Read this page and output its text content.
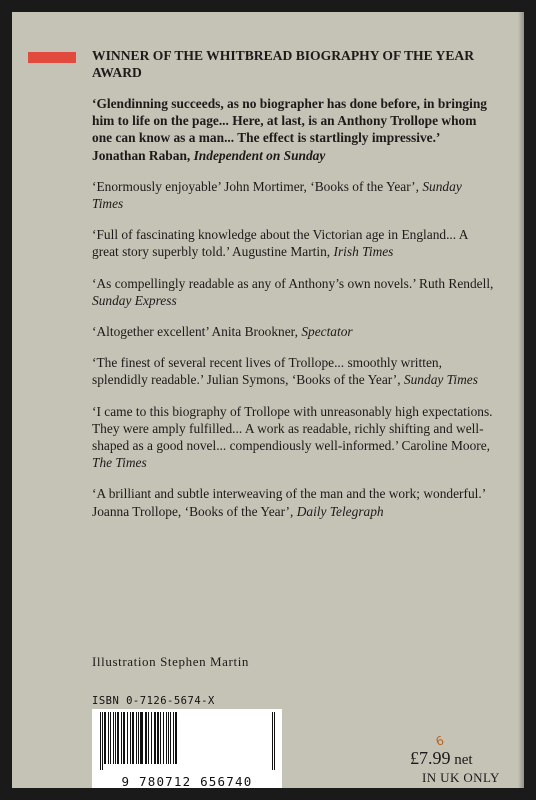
WINNER OF THE WHITBREAD BIOGRAPHY OF THE YEAR AWARD
‘Glendinning succeeds, as no biographer has done before, in bringing him to life on the page... Here, at last, is an Anthony Trollope whom one can know as a man... The effect is startlingly impressive.’
Jonathan Raban, Independent on Sunday
‘Enormously enjoyable’ John Mortimer, ‘Books of the Year’, Sunday Times
‘Full of fascinating knowledge about the Victorian age in England... A great story superbly told.’ Augustine Martin, Irish Times
‘As compellingly readable as any of Anthony’s own novels.’ Ruth Rendell, Sunday Express
‘Altogether excellent’ Anita Brookner, Spectator
‘The finest of several recent lives of Trollope... smoothly written, splendidly readable.’ Julian Symons, ‘Books of the Year’, Sunday Times
‘I came to this biography of Trollope with unreasonably high expectations. They were amply fulfilled... A work as readable, richly shifting and well-shaped as a good novel... compendiously well-informed.’ Caroline Moore, The Times
‘A brilliant and subtle interweaving of the man and the work; wonderful.’ Joanna Trollope, ‘Books of the Year’, Daily Telegraph
Illustration Stephen Martin
ISBN 0-7126-5674-X
9 780712 656740
6
£7.99 net
IN UK ONLY
